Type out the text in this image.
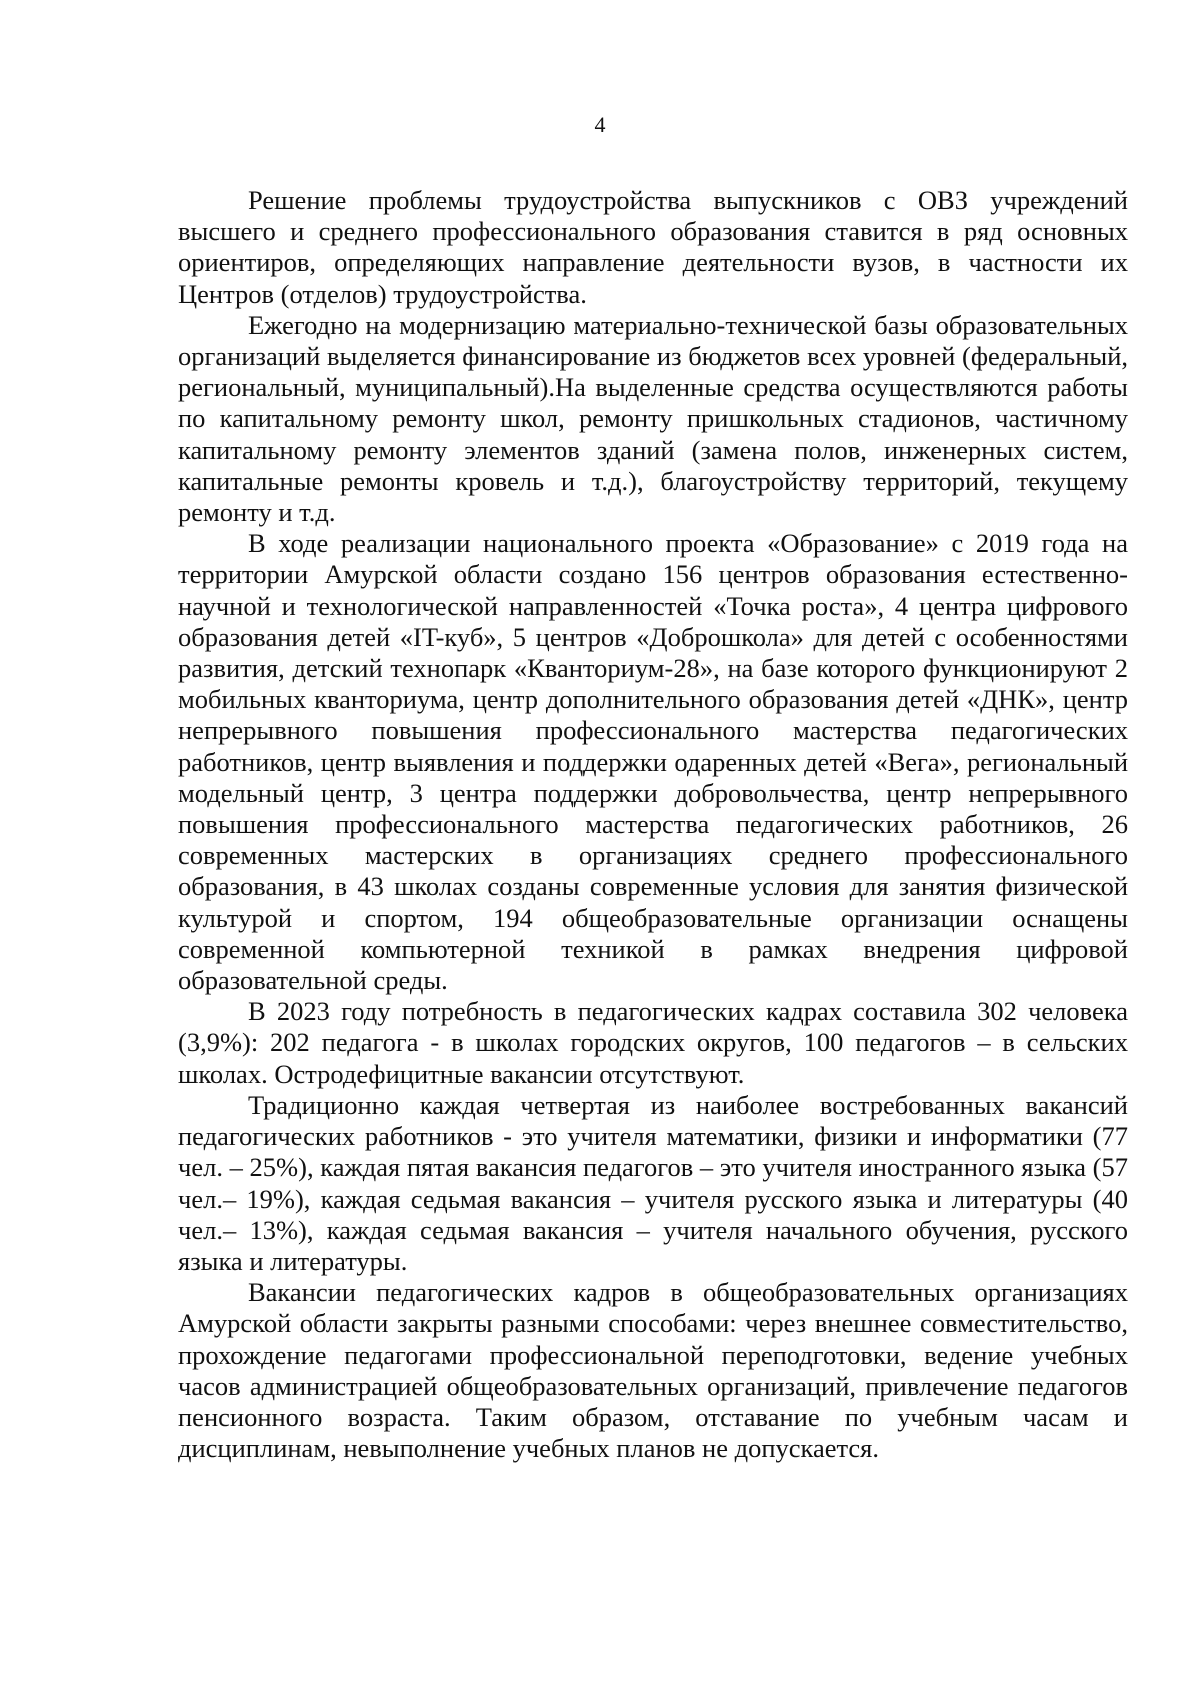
4

Решение проблемы трудоустройства выпускников с ОВЗ учреждений высшего и среднего профессионального образования ставится в ряд основных ориентиров, определяющих направление деятельности вузов, в частности их Центров (отделов) трудоустройства.

Ежегодно на модернизацию материально-технической базы образовательных организаций выделяется финансирование из бюджетов всех уровней (федеральный, региональный, муниципальный).На выделенные средства осуществляются работы по капитальному ремонту школ, ремонту пришкольных стадионов, частичному капитальному ремонту элементов зданий (замена полов, инженерных систем, капитальные ремонты кровель и т.д.), благоустройству территорий, текущему ремонту и т.д.

В ходе реализации национального проекта «Образование» с 2019 года на территории Амурской области создано 156 центров образования естественно-научной и технологической направленностей «Точка роста», 4 центра цифрового образования детей «IT-куб», 5 центров «Доброшкола» для детей с особенностями развития, детский технопарк «Кванториум-28», на базе которого функционируют 2 мобильных кванториума, центр дополнительного образования детей «ДНК», центр непрерывного повышения профессионального мастерства педагогических работников, центр выявления и поддержки одаренных детей «Вега», региональный модельный центр, 3 центра поддержки добровольчества, центр непрерывного повышения профессионального мастерства педагогических работников, 26 современных мастерских в организациях среднего профессионального образования, в 43 школах созданы современные условия для занятия физической культурой и спортом, 194 общеобразовательные организации оснащены современной компьютерной техникой в рамках внедрения цифровой образовательной среды.

В 2023 году потребность в педагогических кадрах составила 302 человека (3,9%): 202 педагога - в школах городских округов, 100 педагогов – в сельских школах. Остродефицитные вакансии отсутствуют.

Традиционно каждая четвертая из наиболее востребованных вакансий педагогических работников - это учителя математики, физики и информатики (77 чел. – 25%), каждая пятая вакансия педагогов – это учителя иностранного языка (57 чел.– 19%), каждая седьмая вакансия – учителя русского языка и литературы (40 чел.– 13%), каждая седьмая вакансия – учителя начального обучения, русского языка и литературы.

Вакансии педагогических кадров в общеобразовательных организациях Амурской области закрыты разными способами: через внешнее совместительство, прохождение педагогами профессиональной переподготовки, ведение учебных часов администрацией общеобразовательных организаций, привлечение педагогов пенсионного возраста. Таким образом, отставание по учебным часам и дисциплинам, невыполнение учебных планов не допускается.
